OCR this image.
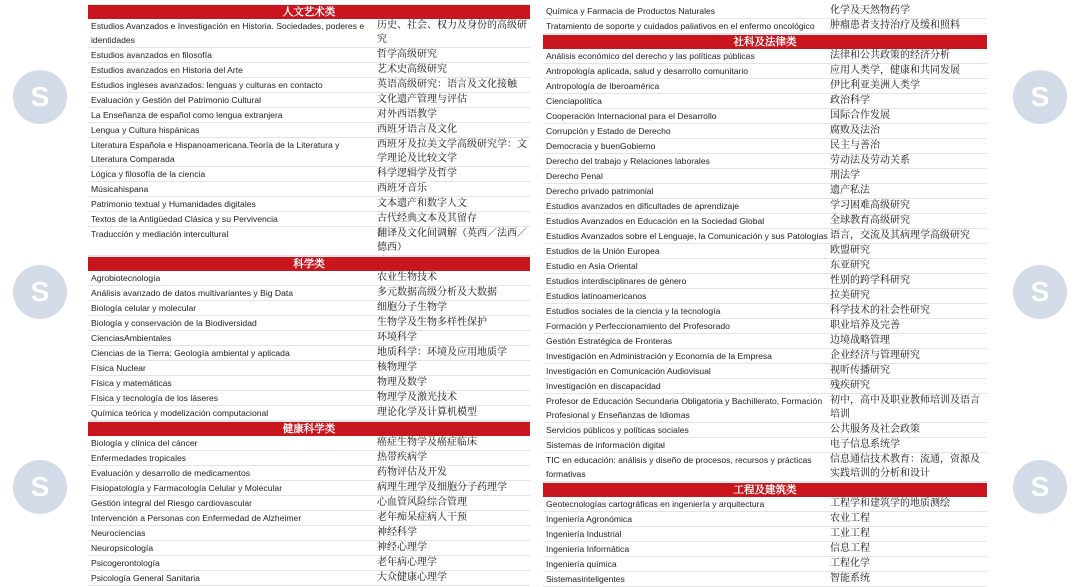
S
S
S
S
S
S
人文艺术类
Estudios Avanzados e Investigación en Historia. Sociedades, poderes e identidades
历史、社会、权力及身份的高级研究
Estudios avanzados en filosofía	哲学高级研究
Estudios avanzados en Historia del Arte	艺术史高级研究
Estudios ingleses avanzados: lenguas y culturas en contacto	英语高级研究：语言及文化接触
Evaluación y Gestión del Patrimonio Cultural	文化遗产管理与评估
La Enseñanza de español como lengua extranjera	对外西语教学
Lengua y Cultura hispánicas	西班牙语言及文化
Literatura Española e Hispanoamericana.Teoría de la Literatura y Literatura Comparada
西班牙及拉美文学高级研究学：文学理论及比较文学
Lógica y filosofía de la ciencia	科学逻辑学及哲学
Músicahispana	西班牙音乐
Patrimonio textual y Humanidades digitales	文本遗产和数字人文
Textos de la Antigüedad Clásica y su Pervivencia	古代经典文本及其留存
Traducción y mediación intercultural	翻译及文化间调解（英西／法西／德西）
科学类
Agrobiotecnología	农业生物技术
Análisis avanzado de datos multivariantes y Big Data	多元数据高级分析及大数据
Biología celular y molecular	细胞分子生物学
Biología y conservación de la Biodiversidad	生物学及生物多样性保护
CienciasAmbientales	环境科学
Ciencias de la Tierra: Geología ambiental y aplicada	地质科学：环境及应用地质学
Física Nuclear	核物理学
Física y matemáticas	物理及数学
Física y tecnología de los láseres	物理学及激光技术
Química teórica y modelización computacional	理论化学及计算机模型
健康科学类
Biología y clínica del cáncer	癌症生物学及癌症临床
Enfermedades tropicales	热带疾病学
Evaluación y desarrollo de medicamentos	药物评估及开发
Fisiopatología y Farmacología Celular y Molecular	病理生理学及细胞分子药理学
Gestión integral del Riesgo cardiovascular	心血管风险综合管理
Intervención a Personas con Enfermedad de Alzheimer	老年痴呆症病人干预
Neurociencias	神经科学
Neuropsicología	神经心理学
Psicogerontología	老年病心理学
Psicología General Sanitaria	大众健康心理学
Química y Farmacia de Productos Naturales	化学及天然物药学
Tratamiento de soporte y cuidados paliativos en el enfermo oncológico	肿瘤患者支持治疗及缓和照料
社科及法律类
Análisis económico del derecho y las políticas públicas	法律和公共政策的经济分析
Antropología aplicada, salud y desarrollo comunitario	应用人类学，健康和共同发展
Antropología de Iberoamérica	伊比利亚美洲人类学
Cienciapolítica	政治科学
Cooperación Internacional para el Desarrollo	国际合作发展
Corrupción y Estado de Derecho	腐败及法治
Democracia y buenGobierno	民主与善治
Derecho del trabajo y Relaciones laborales	劳动法及劳动关系
Derecho Penal	刑法学
Derecho privado patrimonial	遗产私法
Estudios avanzados en dificultades de aprendizaje	学习困难高级研究
Estudios Avanzados en Educación en la Sociedad Global	全球教育高级研究
Estudios Avanzados sobre el Lenguaje, la Comunicación y sus Patologías 语言，交流及其病理学高级研究
Estudios de la Unión Europea	欧盟研究
Estudio en Asia Oriental	东亚研究
Estudios interdisciplinares de género	性别的跨学科研究
Estudios latinoamericanos	拉美研究
Estudios sociales de la ciencia y la tecnología	科学技术的社会性研究
Formación y Perfeccionamiento del Profesorado	职业培养及完善
Gestión Estratégica de Fronteras	边境战略管理
Investigación en Administración y Economía de la Empresa	企业经济与管理研究
Investigación en Comunicación Audiovisual	视听传播研究
Investigación en discapacidad	残疾研究
Profesor de Educación Secundaria Obligatoria y Bachillerato, Formación Profesional y Enseñanzas de Idiomas
初中，高中及职业教师培训及语言培训
Servicios públicos y políticas sociales	公共服务及社会政策
Sistemas de información digital	电子信息系统学
TIC en educación: análisis y diseño de procesos, recursos y prácticas formativas
信息通信技术教育：流通，资源及实践培训的分析和设计
工程及建筑类
Geotecnologías cartográficas en ingeniería y arquitectura	工程学和建筑学的地质测绘
Ingeniería Agronómica	农业工程
Ingeniería Industrial	工业工程
Ingeniería Informática	信息工程
Ingeniería química	工程化学
Sistemasinteligentes	智能系统
